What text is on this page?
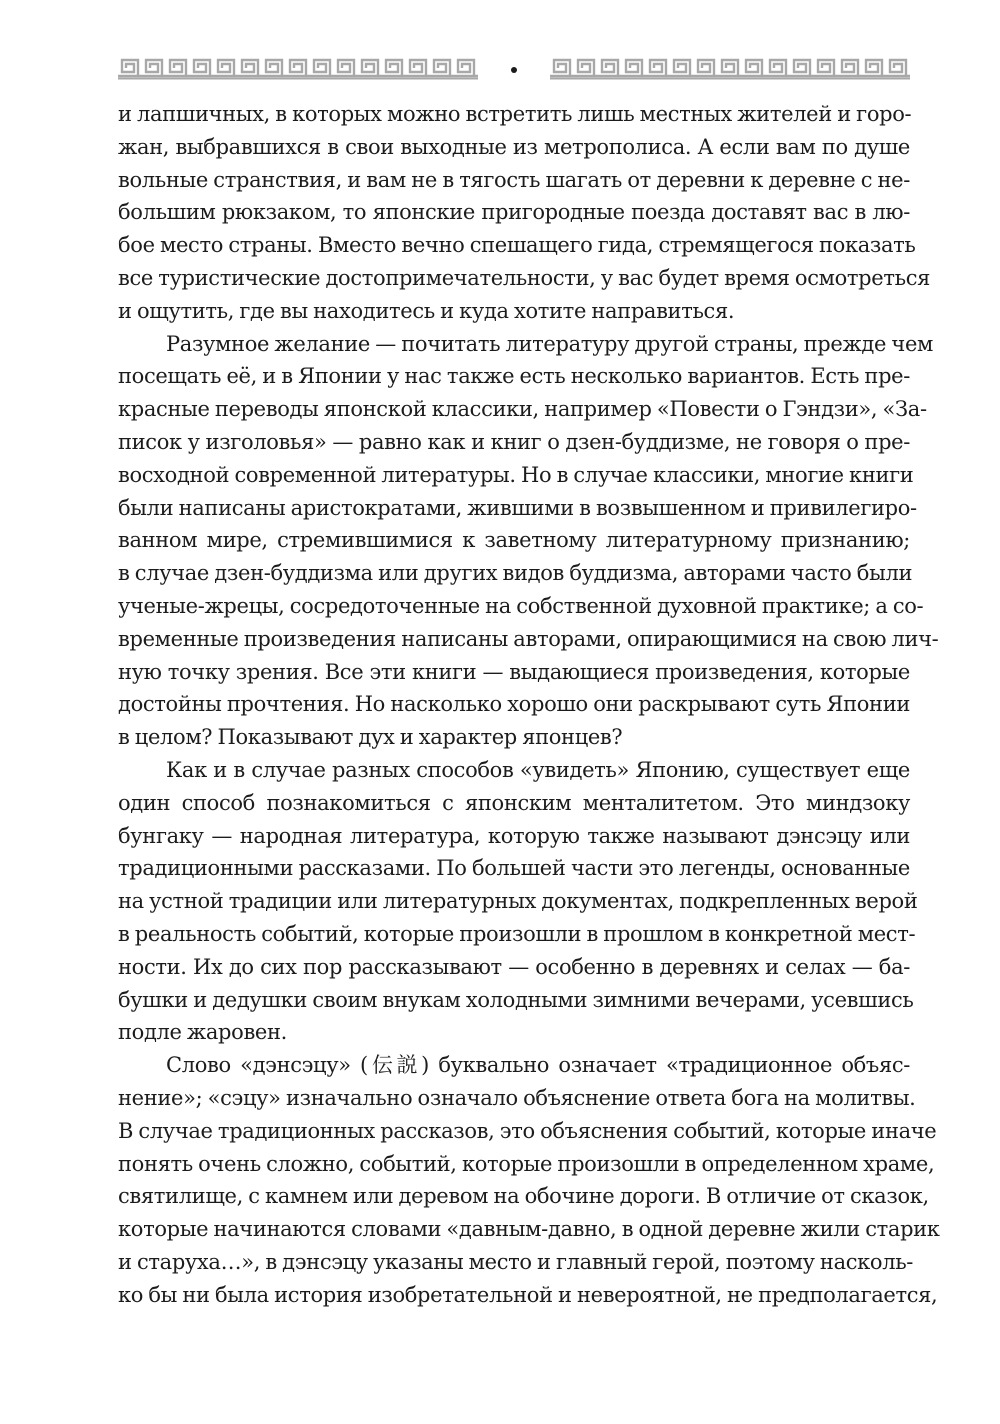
и лапшичных, в которых можно встретить лишь местных жителей и горо-
жан, выбравшихся в свои выходные из метрополиса. А если вам по душе
вольные странствия, и вам не в тягость шагать от деревни к деревне с не-
большим рюкзаком, то японские пригородные поезда доставят вас в лю-
бое место страны. Вместо вечно спешащего гида, стремящегося показать
все туристические достопримечательности, у вас будет время осмотреться
и ощутить, где вы находитесь и куда хотите направиться.
Разумное желание — почитать литературу другой страны, прежде чем
посещать её, и в Японии у нас также есть несколько вариантов. Есть пре-
красные переводы японской классики, например «Повести о Гэндзи», «За-
писок у изголовья» — равно как и книг о дзен-буддизме, не говоря о пре-
восходной современной литературы. Но в случае классики, многие книги
были написаны аристократами, жившими в возвышенном и привилегиро-
ванном мире, стремившимися к заветному литературному признанию;
в случае дзен-буддизма или других видов буддизма, авторами часто были
ученые-жрецы, сосредоточенные на собственной духовной практике; а со-
временные произведения написаны авторами, опирающимися на свою лич-
ную точку зрения. Все эти книги — выдающиеся произведения, которые
достойны прочтения. Но насколько хорошо они раскрывают суть Японии
в целом? Показывают дух и характер японцев?
Как и в случае разных способов «увидеть» Японию, существует еще
один способ познакомиться с японским менталитетом. Это миндзоку
бунгаку — народная литература, которую также называют дэнсэцу или
традиционными рассказами. По большей части это легенды, основанные
на устной традиции или литературных документах, подкрепленных верой
в реальность событий, которые произошли в прошлом в конкретной мест-
ности. Их до сих пор рассказывают — особенно в деревнях и селах — ба-
бушки и дедушки своим внукам холодными зимними вечерами, усевшись
подле жаровен.
Слово «дэнсэцу» (伝説) буквально означает «традиционное объяс-
нение»; «сэцу» изначально означало объяснение ответа бога на молитвы.
В случае традиционных рассказов, это объяснения событий, которые иначе
понять очень сложно, событий, которые произошли в определенном храме,
святилище, с камнем или деревом на обочине дороги. В отличие от сказок,
которые начинаются словами «давным-давно, в одной деревне жили старик
и старуха…», в дэнсэцу указаны место и главный герой, поэтому насколь-
ко бы ни была история изобретательной и невероятной, не предполагается,
